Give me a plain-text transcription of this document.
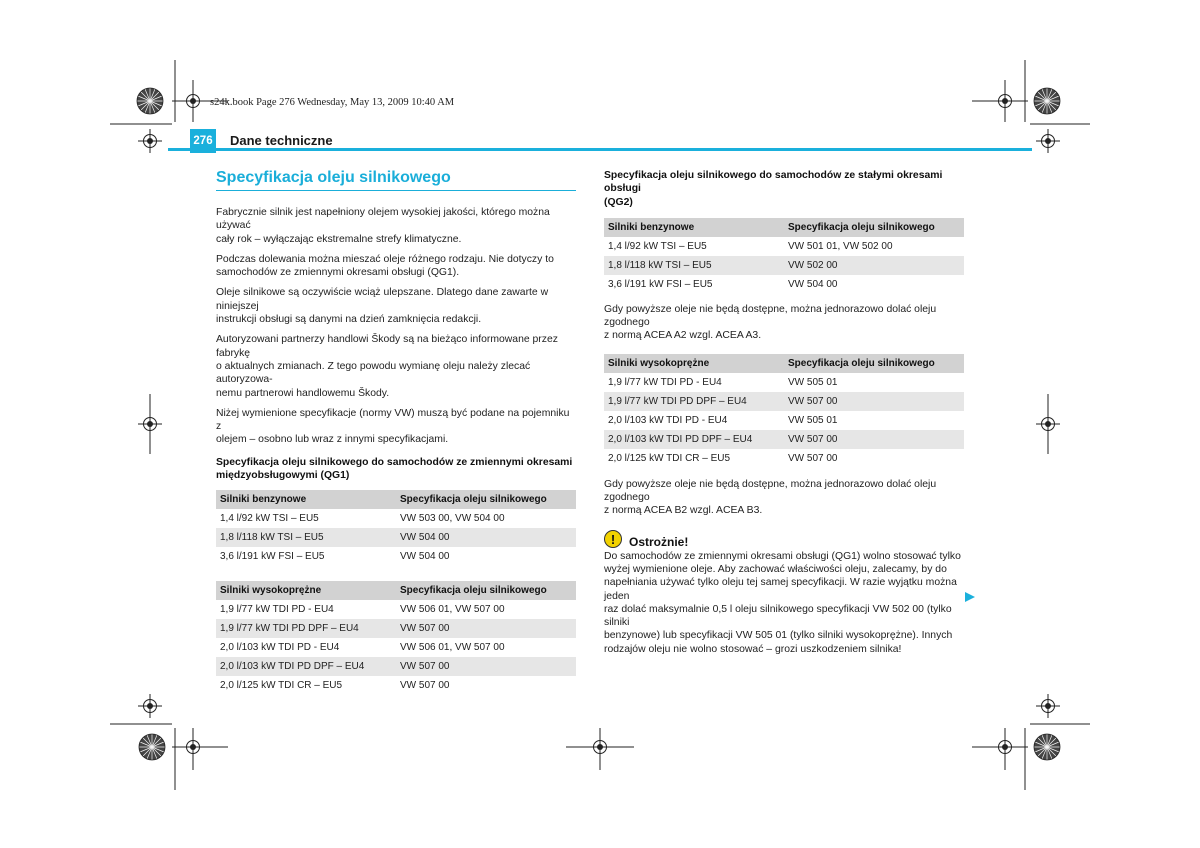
s24k.book Page 276 Wednesday, May 13, 2009 10:40 AM
276 Dane techniczne
Specyfikacja oleju silnikowego

Fabrycznie silnik jest napełniony olejem wysokiej jakości, którego można używać
cały rok – wyłączając ekstremalne strefy klimatyczne.

Podczas dolewania można mieszać oleje różnego rodzaju. Nie dotyczy to
samochodów ze zmiennymi okresami obsługi (QG1).

Oleje silnikowe są oczywiście wciąż ulepszane. Dlatego dane zawarte w niniejszej
instrukcji obsługi są danymi na dzień zamknięcia redakcji.

Autoryzowani partnerzy handlowi Škody są na bieżąco informowane przez fabrykę
o aktualnych zmianach. Z tego powodu wymianę oleju należy zlecać autoryzowa-
nemu partnerowi handlowemu Škody.

Niżej wymienione specyfikacje (normy VW) muszą być podane na pojemniku z
olejem – osobno lub wraz z innymi specyfikacjami.

Specyfikacja oleju silnikowego do samochodów ze zmiennymi okresami
międzyobsługowymi (QG1)

Silniki benzynowe	Specyfikacja oleju silnikowego
1,4 l/92 kW TSI – EU5	VW 503 00, VW 504 00
1,8 l/118 kW TSI – EU5	VW 504 00
3,6 l/191 kW FSI – EU5	VW 504 00
Silniki wysokoprężne	Specyfikacja oleju silnikowego
1,9 l/77 kW TDI PD - EU4	VW 506 01, VW 507 00
1,9 l/77 kW TDI PD DPF – EU4	VW 507 00
2,0 l/103 kW TDI PD - EU4	VW 506 01, VW 507 00
2,0 l/103 kW TDI PD DPF – EU4	VW 507 00
2,0 l/125 kW TDI CR – EU5	VW 507 00

Specyfikacja oleju silnikowego do samochodów ze stałymi okresami obsługi
(QG2)

Silniki benzynowe	Specyfikacja oleju silnikowego
1,4 l/92 kW TSI – EU5	VW 501 01, VW 502 00
1,8 l/118 kW TSI – EU5	VW 502 00
3,6 l/191 kW FSI – EU5	VW 504 00

Gdy powyższe oleje nie będą dostępne, można jednorazowo dolać oleju zgodnego
z normą ACEA A2 wzgl. ACEA A3.

Silniki wysokoprężne	Specyfikacja oleju silnikowego
1,9 l/77 kW TDI PD - EU4	VW 505 01
1,9 l/77 kW TDI PD DPF – EU4	VW 507 00
2,0 l/103 kW TDI PD - EU4	VW 505 01
2,0 l/103 kW TDI PD DPF – EU4	VW 507 00
2,0 l/125 kW TDI CR – EU5	VW 507 00

Gdy powyższe oleje nie będą dostępne, można jednorazowo dolać oleju zgodnego
z normą ACEA B2 wzgl. ACEA B3.

!	Ostrożnie!

Do samochodów ze zmiennymi okresami obsługi (QG1) wolno stosować tylko
wyżej wymienione oleje. Aby zachować właściwości oleju, zalecamy, by do
napełniania używać tylko oleju tej samej specyfikacji. W razie wyjątku można jeden
raz dolać maksymalnie 0,5 l oleju silnikowego specyfikacji VW 502 00 (tylko silniki
benzynowe) lub specyfikacji VW 505 01 (tylko silniki wysokoprężne). Innych
rodzajów oleju nie wolno stosować – grozi uszkodzeniem silnika!
